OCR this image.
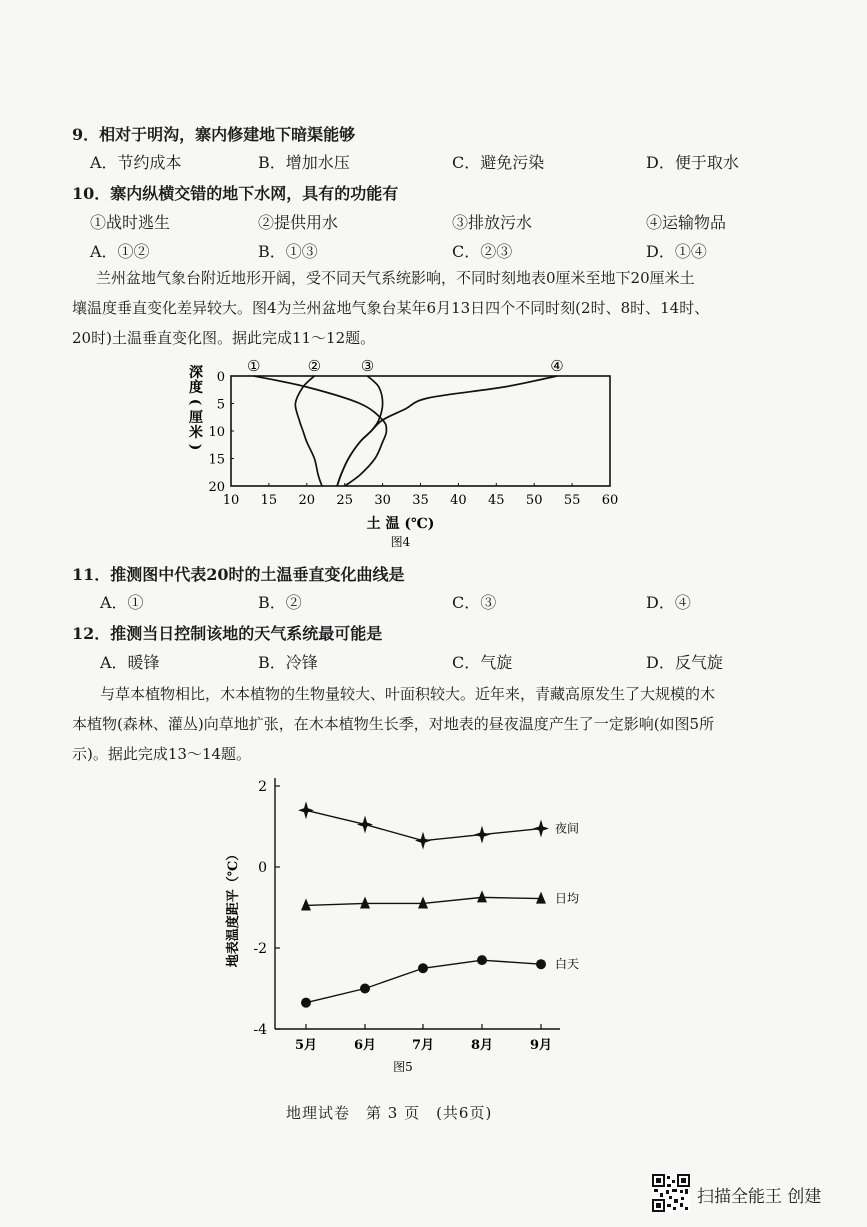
9．相对于明沟，寨内修建地下暗渠能够
A．节约成本	B．增加水压	C．避免污染	D．便于取水
10．寨内纵横交错的地下水网，具有的功能有
①战时逃生	②提供用水	③排放污水	④运输物品
A．①②	B．①③	C．②③	D．①④
兰州盆地气象台附近地形开阔，受不同天气系统影响，不同时刻地表0厘米至地下20厘米土
壤温度垂直变化差异较大。图4为兰州盆地气象台某年6月13日四个不同时刻(2时、8时、14时、
20时)土温垂直变化图。据此完成11～12题。
10 15 20 25 30 35 40 45 50 55 60
0
5
10
15
20
深
度
(
厘
米
)
土 温 (℃)
图4
①	②	③	④
11．推测图中代表20时的土温垂直变化曲线是
A．①	B．②	C．③	D．④
12．推测当日控制该地的天气系统最可能是
A．暖锋	B．冷锋	C．气旋	D．反气旋
与草本植物相比，木本植物的生物量较大、叶面积较大。近年来，青藏高原发生了大规模的木
本植物(森林、灌丛)向草地扩张，在木本植物生长季，对地表的昼夜温度产生了一定影响(如图5所
示)。据此完成13～14题。
2
0
-2
-4
5月	6月	7月	8月	9月
地表温度距平（℃）
图5
夜间
日均
白天
地理试卷　第 3 页　(共6页)
扫描全能王 创建
